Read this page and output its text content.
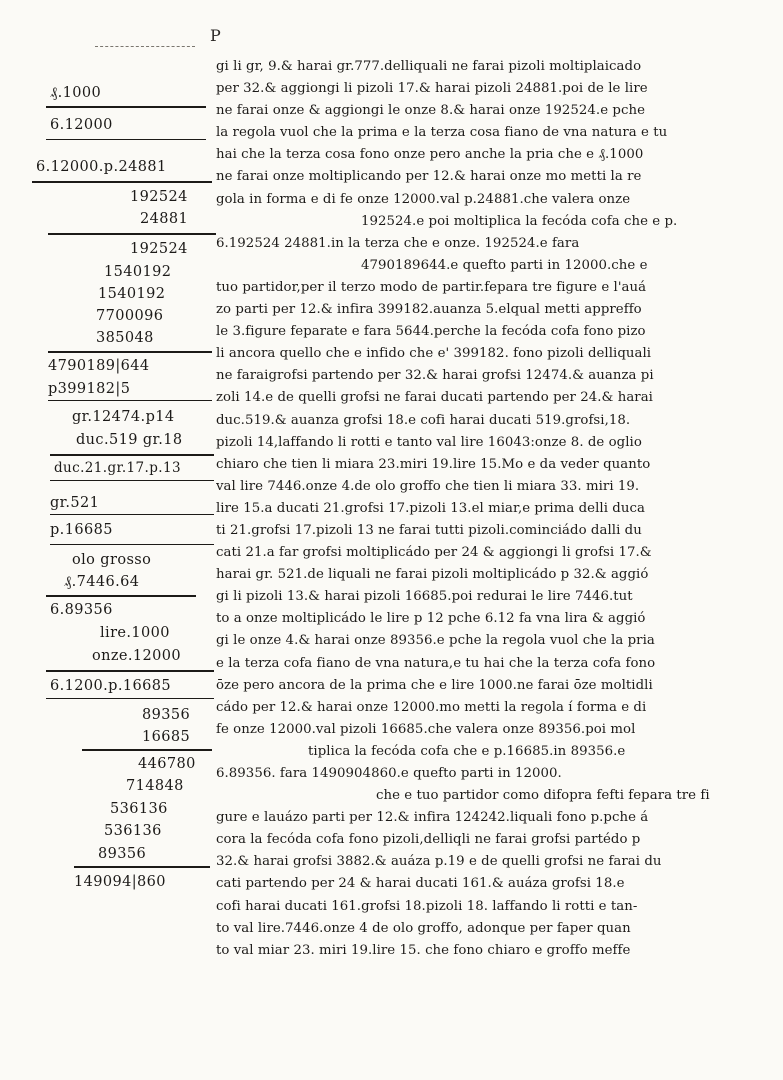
P
₰.1000
6.12000
6.12000.p.24881
192524
24881
192524
1540192
1540192
7700096
385048
4790189|644
p399182|5
gr.12474.p14
duc.519 gr.18
duc.21.gr.17.p.13
gr.521
p.16685
olo grosso
₰.7446.64
6.89356
lire.1000
onze.12000
6.1200.p.16685
89356
16685
446780
714848
536136
536136
89356
149094|860
gi li gr, 9.& harai gr.777.delliquali ne farai pizoli moltiplaicado
per 32.& aggiongi li pizoli 17.& harai pizoli 24881.poi de le lire
ne farai onze & aggiongi le onze 8.& harai onze 192524.e pche
la regola vuol che la prima e la terza cosa fiano de vna natura e tu
hai che la terza cosa fono onze pero anche la pria che e ₰.1000
ne farai onze moltiplicando per 12.& harai onze mo metti la re
gola in forma e di fe onze 12000.val p.24881.che valera onze
192524.e poi moltiplica la fecóda cofa che e p.
6.192524 24881.in la terza che e onze. 192524.e fara
4790189644.e quefto parti in 12000.che e
tuo partidor,per il terzo modo de partir.fepara tre figure e l'auá
zo parti per 12.& infira 399182.auanza 5.elqual metti appreffo
le 3.figure feparate e fara 5644.perche la fecóda cofa fono pizo
li ancora quello che e infido che e' 399182. fono pizoli delliquali
ne faraigrofsi partendo per 32.& harai grofsi 12474.& auanza pi
zoli 14.e de quelli grofsi ne farai ducati partendo per 24.& harai
duc.519.& auanza grofsi 18.e cofi harai ducati 519.grofsi,18.
pizoli 14,laffando li rotti e tanto val lire 16043:onze 8. de oglio
chiaro che tien li miara 23.miri 19.lire 15.Mo e da veder quanto
val lire 7446.onze 4.de olo groffo che tien li miara 33. miri 19.
lire 15.a ducati 21.grofsi 17.pizoli 13.el miar,e prima delli duca
ti 21.grofsi 17.pizoli 13 ne farai tutti pizoli.cominciádo dalli du
cati 21.a far grofsi moltiplicádo per 24 & aggiongi li grofsi 17.&
harai gr. 521.de liquali ne farai pizoli moltiplicádo p 32.& aggió
gi li pizoli 13.& harai pizoli 16685.poi redurai le lire 7446.tut
to a onze moltiplicádo le lire p 12 pche 6.12 fa vna lira & aggió
gi le onze 4.& harai onze 89356.e pche la regola vuol che la pria
e la terza cofa fiano de vna natura,e tu hai che la terza cofa fono
ōze pero ancora de la prima che e lire 1000.ne farai ōze moltidli
cádo per 12.& harai onze 12000.mo metti la regola í forma e di
fe onze 12000.val pizoli 16685.che valera onze 89356.poi mol
tiplica la fecóda cofa che e p.16685.in 89356.e
6.89356. fara 1490904860.e quefto parti in 12000.
che e tuo partidor como difopra fefti fepara tre fi
gure e lauázo parti per 12.& infira 124242.liquali fono p.pche á
cora la fecóda cofa fono pizoli,delliqli ne farai grofsi partédo p
32.& harai grofsi 3882.& auáza p.19 e de quelli grofsi ne farai du
cati partendo per 24 & harai ducati 161.& auáza grofsi 18.e
cofi harai ducati 161.grofsi 18.pizoli 18. laffando li rotti e tan-
to val lire.7446.onze 4 de olo groffo, adonque per faper quan
to val miar 23. miri 19.lire 15. che fono chiaro e groffo meffe
